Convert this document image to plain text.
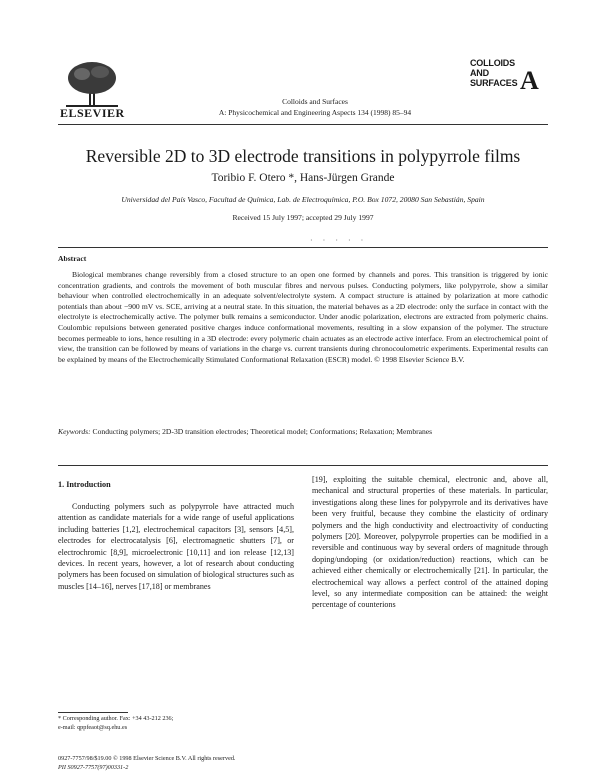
ELSEVIER
Colloids and Surfaces
A: Physicochemical and Engineering Aspects 134 (1998) 85–94
COLLOIDS
AND
SURFACES A
Reversible 2D to 3D electrode transitions in polypyrrole films
Toribio F. Otero *, Hans-Jürgen Grande
Universidad del País Vasco, Facultad de Química, Lab. de Electroquímica, P.O. Box 1072, 20080 San Sebastián, Spain
Received 15 July 1997; accepted 29 July 1997
· · · · ·
Abstract
Biological membranes change reversibly from a closed structure to an open one formed by channels and pores. This transition is triggered by ionic concentration gradients, and controls the movement of both muscular fibres and nervous pulses. Conducting polymers, like polypyrrole, show a similar behaviour when controlled electrochemically in an adequate solvent/electrolyte system. A compact structure is attained by polarization at more cathodic potentials than about −900 mV vs. SCE, arriving at a neutral state. In this situation, the material behaves as a 2D electrode: only the surface in contact with the electrolyte is electrochemically active. The polymer bulk remains a semiconductor. Under anodic polarization, electrons are extracted from polymeric chains. Coulombic repulsions between generated positive charges induce conformational movements, resulting in a slow expansion of the polymer. The structure becomes permeable to ions, hence resulting in a 3D electrode: every polymeric chain actuates as an electrode active interface. From an electrochemical point of view, the transition can be followed by means of variations in the charge vs. current transients during chronocoulometric experiments. Experimental results can be explained by means of the Electrochemically Stimulated Conformational Relaxation (ESCR) model. © 1998 Elsevier Science B.V.
Keywords: Conducting polymers; 2D-3D transition electrodes; Theoretical model; Conformations; Relaxation; Membranes
1. Introduction
Conducting polymers such as polypyrrole have attracted much attention as candidate materials for a wide range of useful applications including batteries [1,2], electrochemical capacitors [3], sensors [4,5], electrodes for electrocatalysis [6], electromagnetic shutters [7], or electrochromic [8,9], microelectronic [10,11] and ion release [12,13] devices. In recent years, however, a lot of research about conducting polymers has been focused on simulation of biological structures such as muscles [14–16], nerves [17,18] or membranes
[19], exploiting the suitable chemical, electronic and, above all, mechanical and structural properties of these materials. In particular, investigations along these lines for polypyrrole and its derivatives have been very fruitful, because they combine the elasticity of ordinary polymers and the high conductivity and electroactivity of conducting polymers [20]. Moreover, polypyrrole properties can be modified in a reversible and continuous way by several orders of magnitude through doping/undoping (or oxidation/reduction) reactions, which can be achieved either chemically or electrochemically [21]. In particular, the electrochemical way allows a perfect control of the attained doping level, so any intermediate composition can be attained: the weight percentage of counterions
* Corresponding author. Fax: +34 43-212 236;
e-mail: qppfeaot@sq.ehu.es
0927-7757/98/$19.00 © 1998 Elsevier Science B.V. All rights reserved.
PII S0927-7757(97)00331-2
